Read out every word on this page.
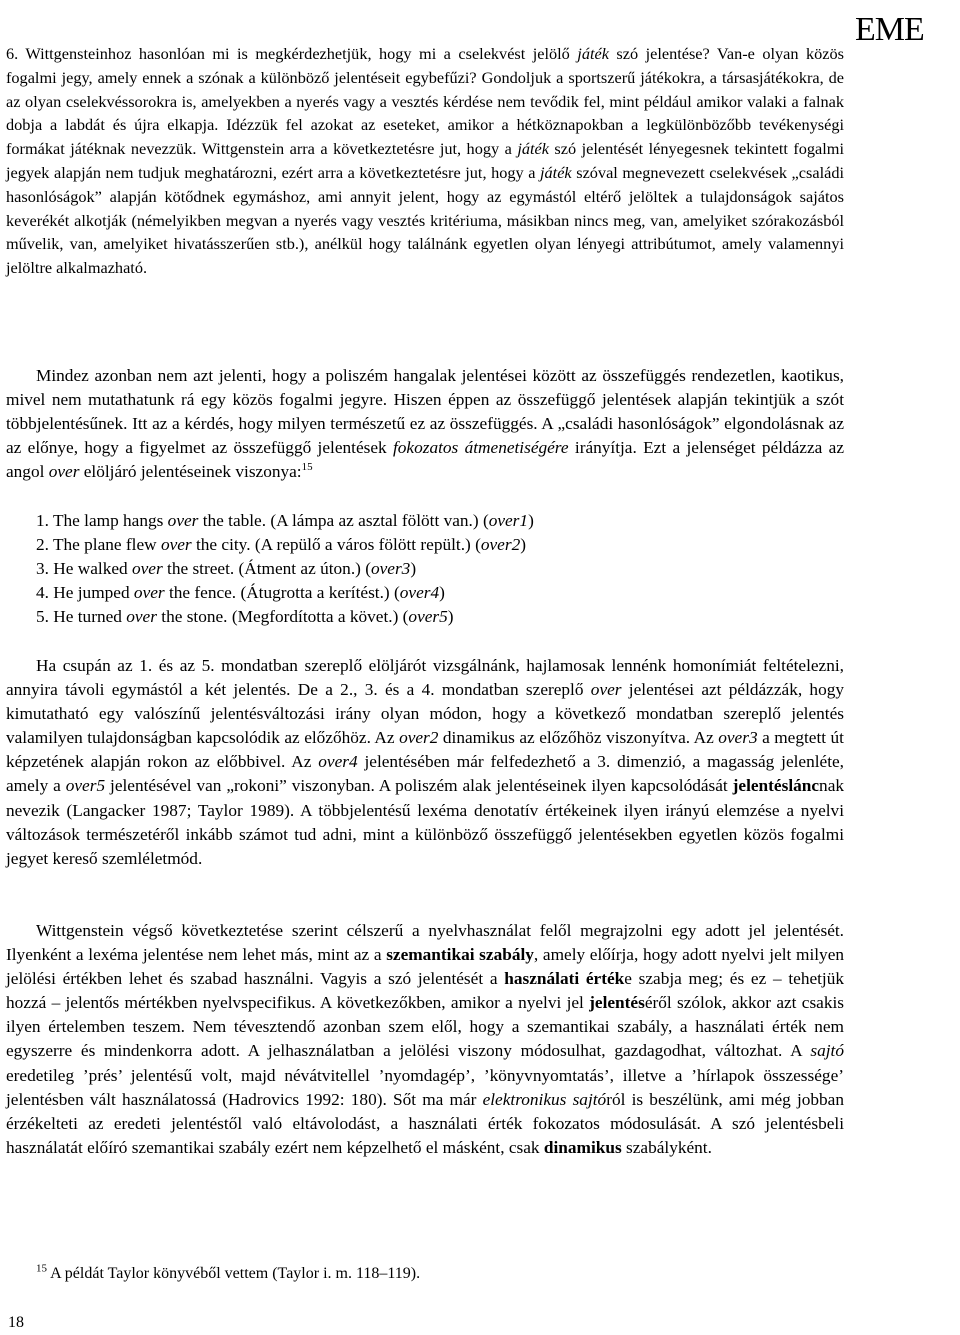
EME

6. Wittgensteinhoz hasonlóan mi is megkérdezhetjük, hogy mi a cselekvést jelölő játék szó jelentése? Van-e olyan közös fogalmi jegy, amely ennek a szónak a különböző jelentéseit egybefűzi? Gondoljuk a sportszerű játékokra, a társasjátékokra, de az olyan cselekvéssorokra is, amelyekben a nyerés vagy a vesztés kérdése nem tevődik fel, mint például amikor valaki a falnak dobja a labdát és újra elkapja. Idézzük fel azokat az eseteket, amikor a hétköznapokban a legkülönbözőbb tevékenységi formákat játéknak nevezzük. Wittgenstein arra a következtetésre jut, hogy a játék szó jelentését lényegesnek tekintett fogalmi jegyek alapján nem tudjuk meghatározni, ezért arra a következtetésre jut, hogy a játék szóval megnevezett cselekvések „családi hasonlóságok” alapján kötődnek egymáshoz, ami annyit jelent, hogy az egymástól eltérő jelöltek a tulajdonságok sajátos keverékét alkotják (némelyikben megvan a nyerés vagy vesztés kritériuma, másikban nincs meg, van, amelyiket szórakozásból művelik, van, amelyiket hivatásszerűen stb.), anélkül hogy találnánk egyetlen olyan lényegi attribútumot, amely valamennyi jelöltre alkalmazható.

Mindez azonban nem azt jelenti, hogy a poliszém hangalak jelentései között az összefüggés rendezetlen, kaotikus, mivel nem mutathatunk rá egy közös fogalmi jegyre. Hiszen éppen az összefüggő jelentések alapján tekintjük a szót többjelentésűnek. Itt az a kérdés, hogy milyen természetű ez az összefüggés. A „családi hasonlóságok” elgondolásnak az az előnye, hogy a figyelmet az összefüggő jelentések fokozatos átmenetiségére irányítja. Ezt a jelenséget példázza az angol over elöljáró jelentéseinek viszonya:$^{15}$

1. The lamp hangs over the table. (A lámpa az asztal fölött van.) (over1)
2. The plane flew over the city. (A repülő a város fölött repült.) (over2)
3. He walked over the street. (Átment az úton.) (over3)
4. He jumped over the fence. (Átugrotta a kerítést.) (over4)
5. He turned over the stone. (Megfordította a követ.) (over5)

Ha csupán az 1. és az 5. mondatban szereplő elöljárót vizsgálnánk, hajlamosak lennénk homonímiát feltételezni, annyira távoli egymástól a két jelentés. De a 2., 3. és a 4. mondatban szereplő over jelentései azt példázzák, hogy kimutatható egy valószínű jelentésváltozási irány olyan módon, hogy a következő mondatban szereplő jelentés valamilyen tulajdonságban kapcsolódik az előzőhöz. Az over2 dinamikus az előzőhöz viszonyítva. Az over3 a megtett út képzetének alapján rokon az előbbivel. Az over4 jelentésében már felfedezhető a 3. dimenzió, a magasság jelenléte, amely a over5 jelentésével van „rokoni” viszonyban. A poliszém alak jelentéseinek ilyen kapcsolódását jelentésláncnak nevezik (Langacker 1987; Taylor 1989). A többjelentésű lexéma denotatív értékeinek ilyen irányú elemzése a nyelvi változások természetéről inkább számot tud adni, mint a különböző összefüggő jelentésekben egyetlen közös fogalmi jegyet kereső szemléletmód.

Wittgenstein végső következtetése szerint célszerű a nyelvhasználat felől megrajzolni egy adott jel jelentését. Ilyenként a lexéma jelentése nem lehet más, mint az a szemantikai szabály, amely előírja, hogy adott nyelvi jelt milyen jelölési értékben lehet és szabad használni. Vagyis a szó jelentését a használati értéke szabja meg; és ez – tehetjük hozzá – jelentős mértékben nyelvspecifikus. A következőkben, amikor a nyelvi jel jelentéséről szólok, akkor azt csakis ilyen értelemben teszem. Nem tévesztendő azonban szem elől, hogy a szemantikai szabály, a használati érték nem egyszerre és mindenkorra adott. A jelhasználatban a jelölési viszony módosulhat, gazdagodhat, változhat. A sajtó eredetileg ’prés’ jelentésű volt, majd névátvitellel ’nyomdagép’, ’könyvnyomtatás’, illetve a ’hírlapok összessége’ jelentésben vált használatossá (Hadrovics 1992: 180). Sőt ma már elektronikus sajtóról is beszélünk, ami még jobban érzékelteti az eredeti jelentéstől való eltávolodást, a használati érték fokozatos módosulását. A szó jelentésbeli használatát előíró szemantikai szabály ezért nem képzelhető el másként, csak dinamikus szabályként.

$^{15}$ A példát Taylor könyvéből vettem (Taylor i. m. 118–119).
18
